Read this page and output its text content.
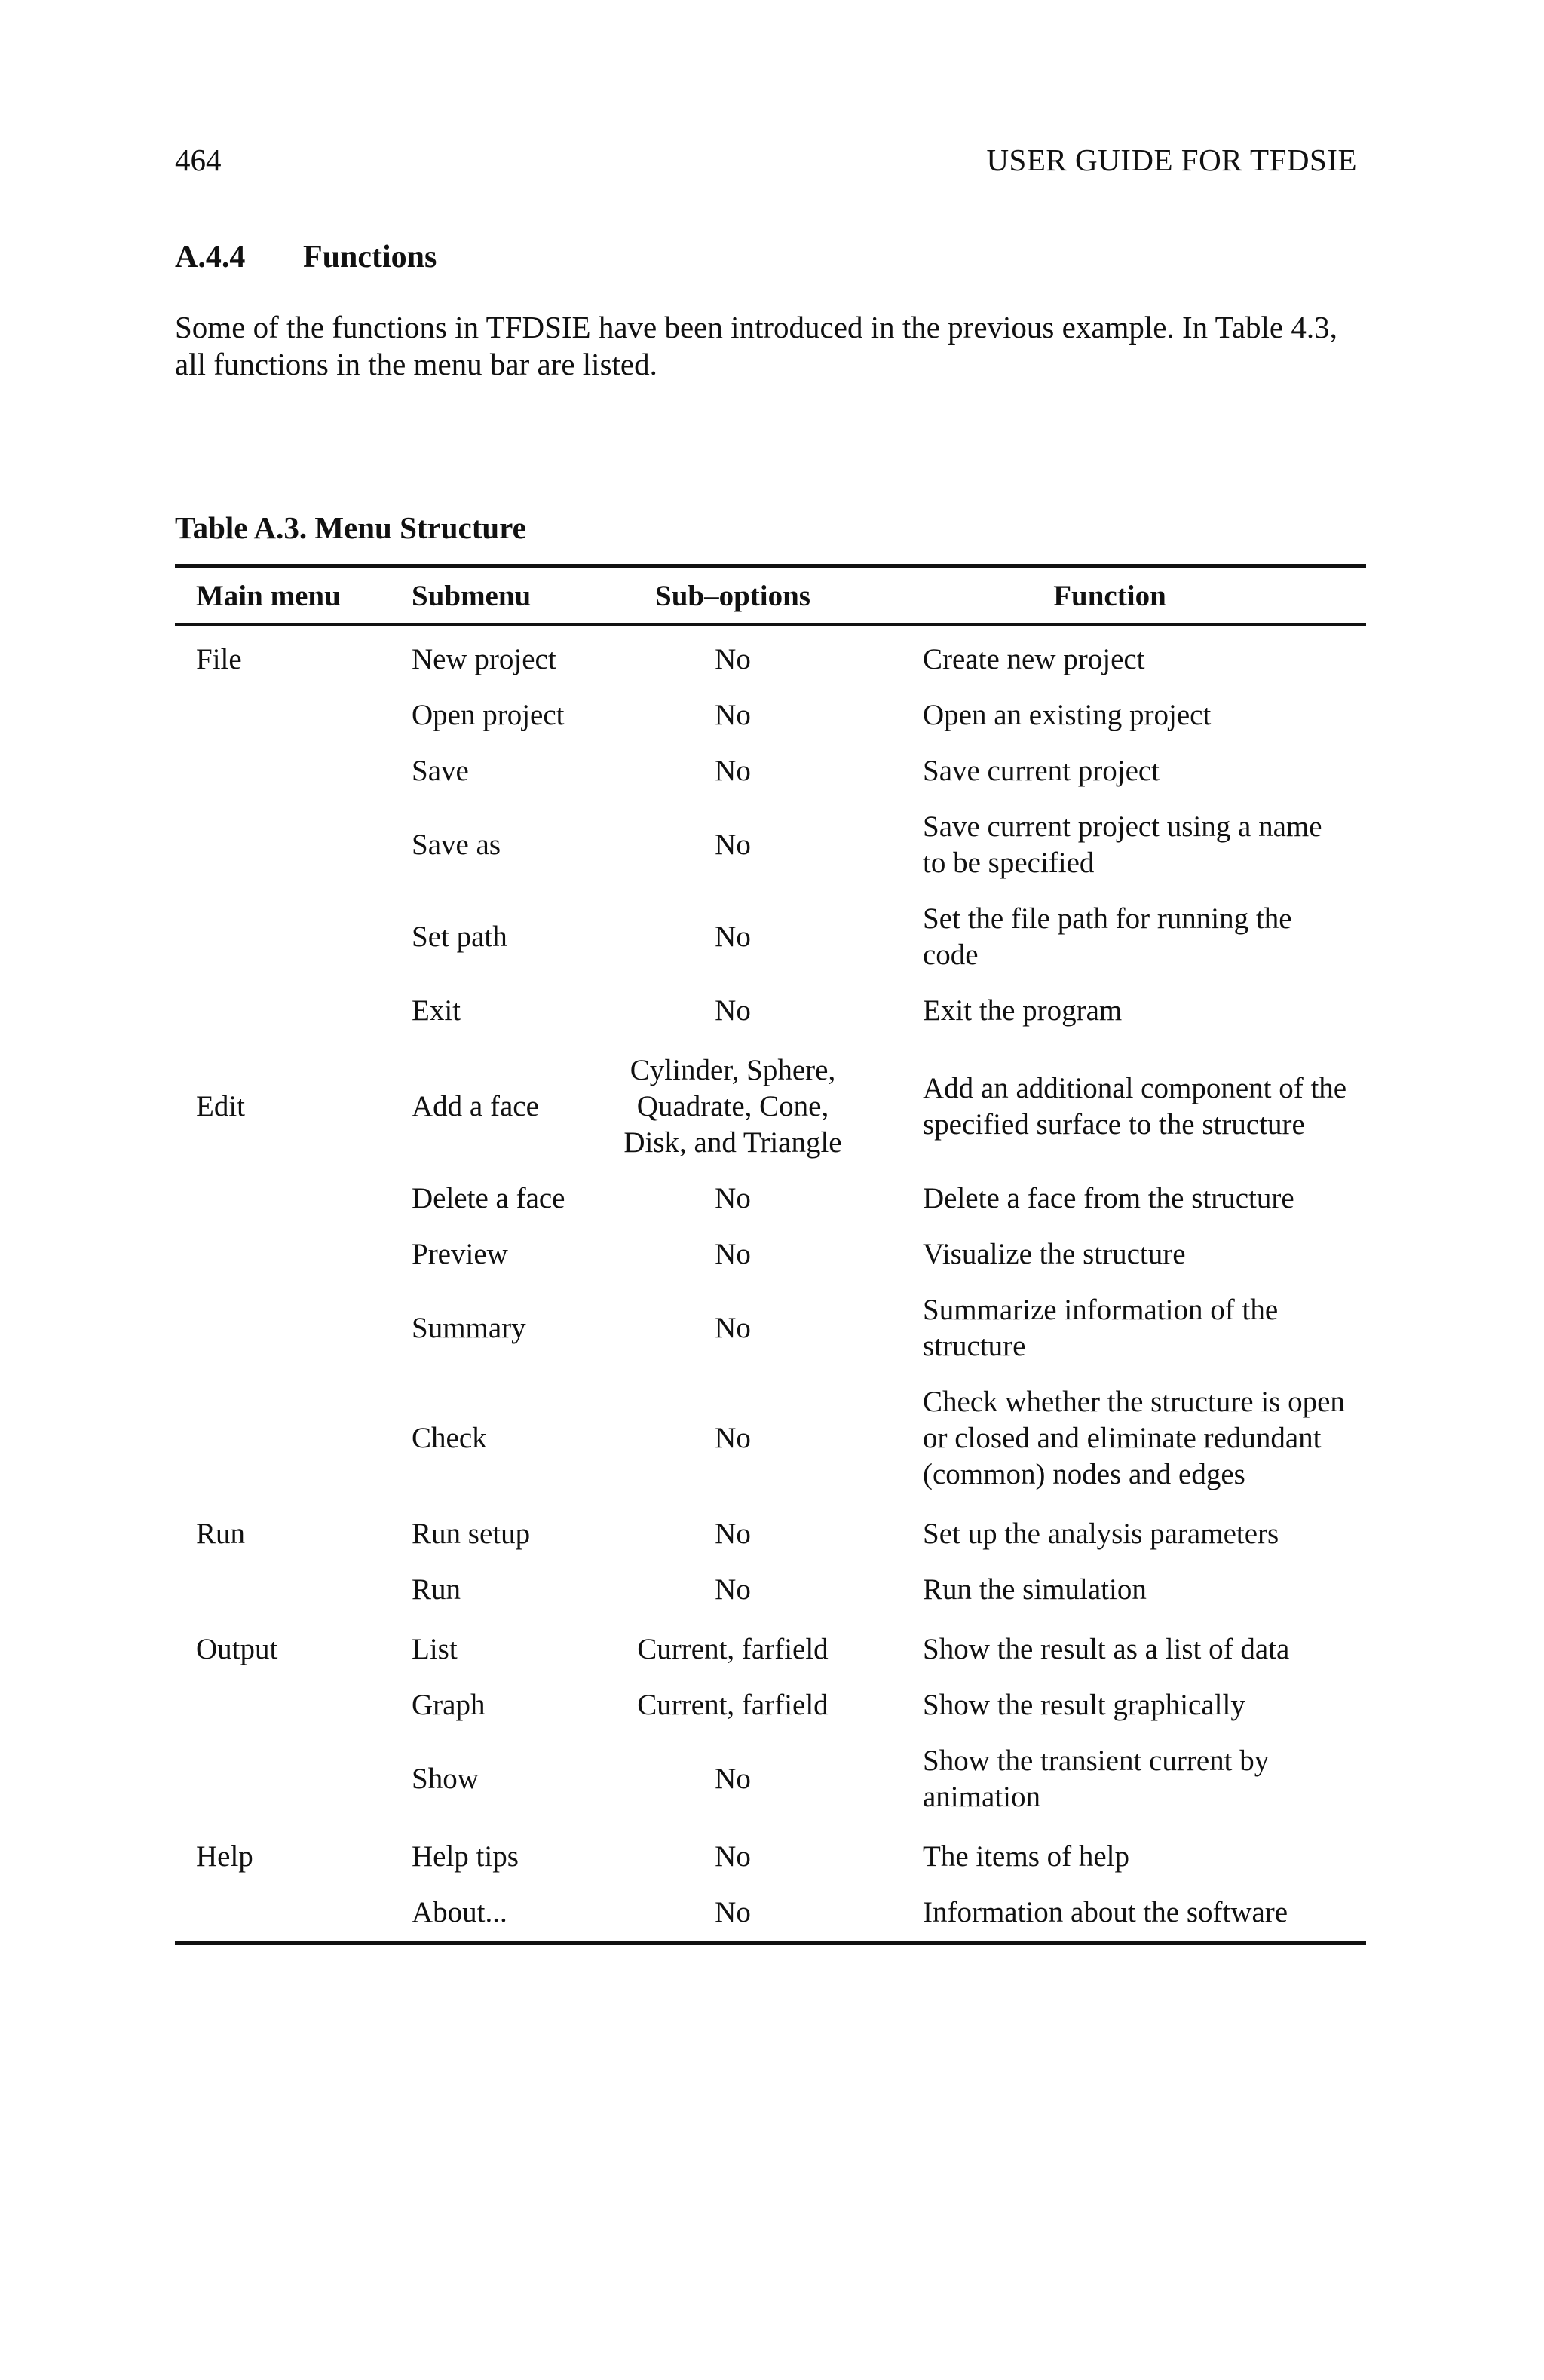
464	USER GUIDE FOR TFDSIE
A.4.4 Functions

Some of the functions in TFDSIE have been introduced in the previous example. In Table 4.3, all functions in the menu bar are listed.

Table A.3. Menu Structure
Main menu	Submenu	Sub–options	Function
File	New project	No	Create new project
	Open project	No	Open an existing project
	Save	No	Save current project
	Save as	No	Save current project using a name to be specified
	Set path	No	Set the file path for running the code
	Exit	No	Exit the program
Edit	Add a face	Cylinder, Sphere, Quadrate, Cone, Disk, and Triangle	Add an additional component of the specified surface to the structure
	Delete a face	No	Delete a face from the structure
	Preview	No	Visualize the structure
	Summary	No	Summarize information of the structure
	Check	No	Check whether the structure is open or closed and eliminate redundant (common) nodes and edges
Run	Run setup	No	Set up the analysis parameters
	Run	No	Run the simulation
Output	List	Current, farfield	Show the result as a list of data
	Graph	Current, farfield	Show the result graphically
	Show	No	Show the transient current by animation
Help	Help tips	No	The items of help
	About...	No	Information about the software
